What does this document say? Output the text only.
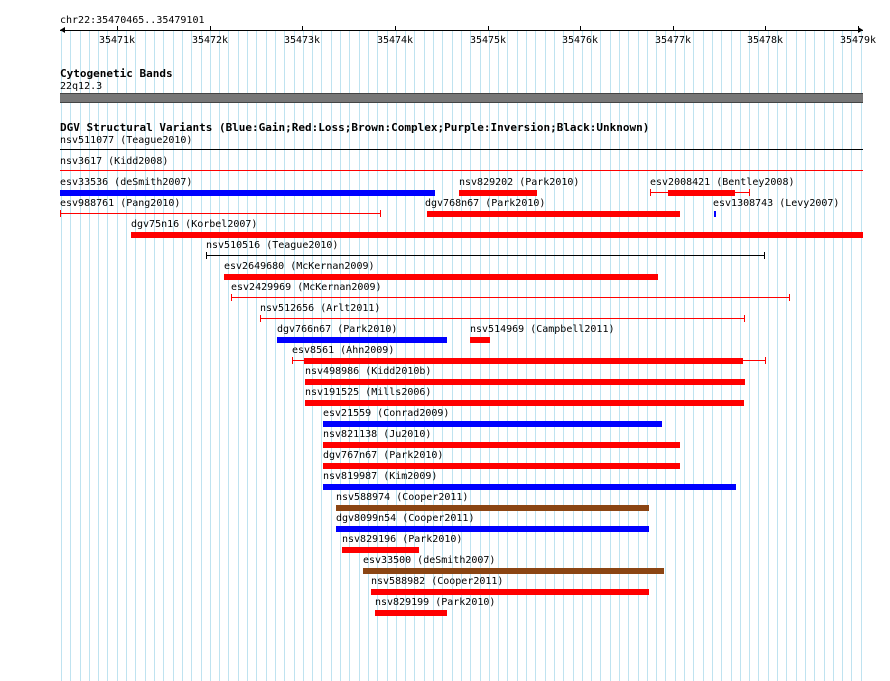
chr22:35470465..35479101
35471k	35472k	35473k	35474k	35475k	35476k	35477k	35478k	35479k
Cytogenetic Bands
22q12.3
DGV Structural Variants (Blue:Gain;Red:Loss;Brown:Complex;Purple:Inversion;Black:Unknown)
nsv511077 (Teague2010)
nsv3617 (Kidd2008)
esv33536 (deSmith2007)	nsv829202 (Park2010)	esv2008421 (Bentley2008)
esv988761 (Pang2010)	dgv768n67 (Park2010)	esv1308743 (Levy2007)
dgv75n16 (Korbel2007)
nsv510516 (Teague2010)
esv2649680 (McKernan2009)
esv2429969 (McKernan2009)
nsv512656 (Arlt2011)
dgv766n67 (Park2010)	nsv514969 (Campbell2011)
esv8561 (Ahn2009)
nsv498986 (Kidd2010b)
nsv191525 (Mills2006)
esv21559 (Conrad2009)
nsv821138 (Ju2010)
dgv767n67 (Park2010)
nsv819987 (Kim2009)
nsv588974 (Cooper2011)
dgv8099n54 (Cooper2011)
nsv829196 (Park2010)
esv33500 (deSmith2007)
nsv588982 (Cooper2011)
nsv829199 (Park2010)
